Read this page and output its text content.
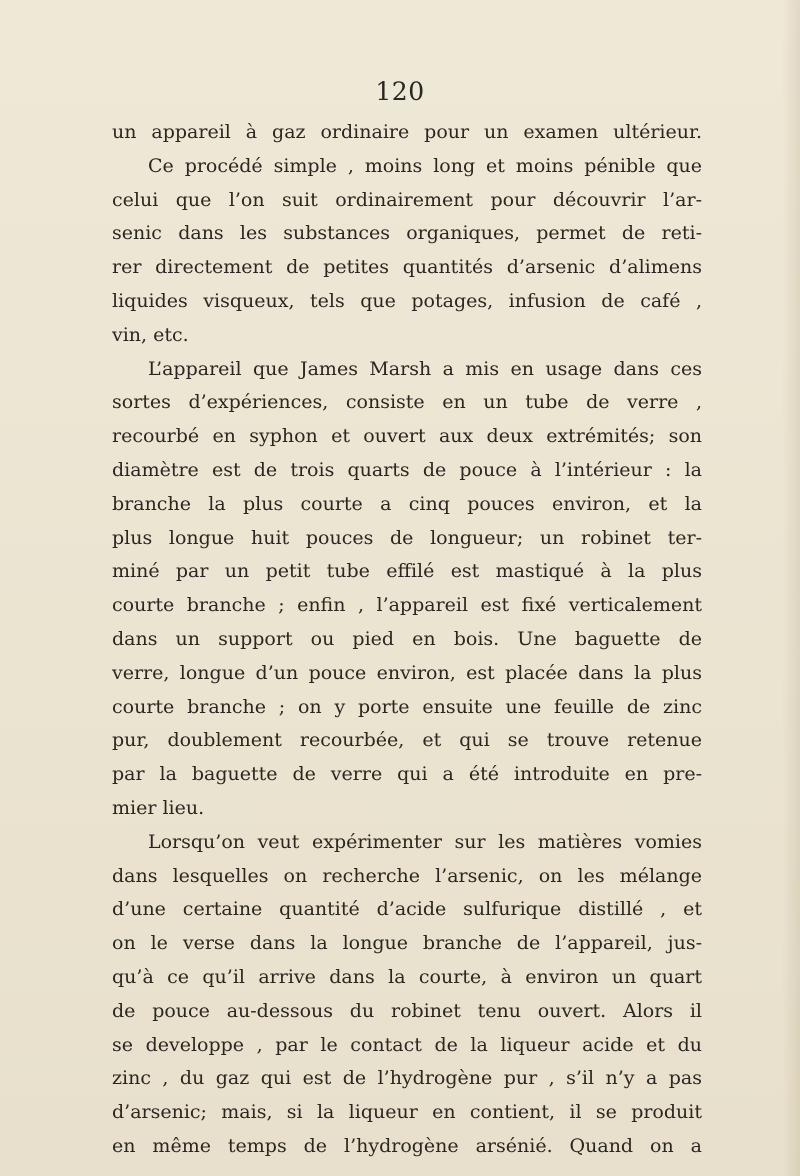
120
un appareil à gaz ordinaire pour un examen ultérieur.
Ce procédé simple , moins long et moins pénible que
celui que l’on suit ordinairement pour découvrir l’ar-
senic dans les substances organiques, permet de reti-
rer directement de petites quantités d’arsenic d’alimens
liquides visqueux, tels que potages, infusion de café ,
vin, etc.
L’appareil que James Marsh a mis en usage dans ces
sortes d’expériences, consiste en un tube de verre ,
recourbé en syphon et ouvert aux deux extrémités; son
diamètre est de trois quarts de pouce à l’intérieur : la
branche la plus courte a cinq pouces environ, et la
plus longue huit pouces de longueur; un robinet ter-
miné par un petit tube effilé est mastiqué à la plus
courte branche ; enfin , l’appareil est fixé verticalement
dans un support ou pied en bois. Une baguette de
verre, longue d’un pouce environ, est placée dans la plus
courte branche ; on y porte ensuite une feuille de zinc
pur, doublement recourbée, et qui se trouve retenue
par la baguette de verre qui a été introduite en pre-
mier lieu.
Lorsqu’on veut expérimenter sur les matières vomies
dans lesquelles on recherche l’arsenic, on les mélange
d’une certaine quantité d’acide sulfurique distillé , et
on le verse dans la longue branche de l’appareil, jus-
qu’à ce qu’il arrive dans la courte, à environ un quart
de pouce au-dessous du robinet tenu ouvert. Alors il
se developpe , par le contact de la liqueur acide et du
zinc , du gaz qui est de l’hydrogène pur , s’il n’y a pas
d’arsenic; mais, si la liqueur en contient, il se produit
en même temps de l’hydrogène arsénié. Quand on a
